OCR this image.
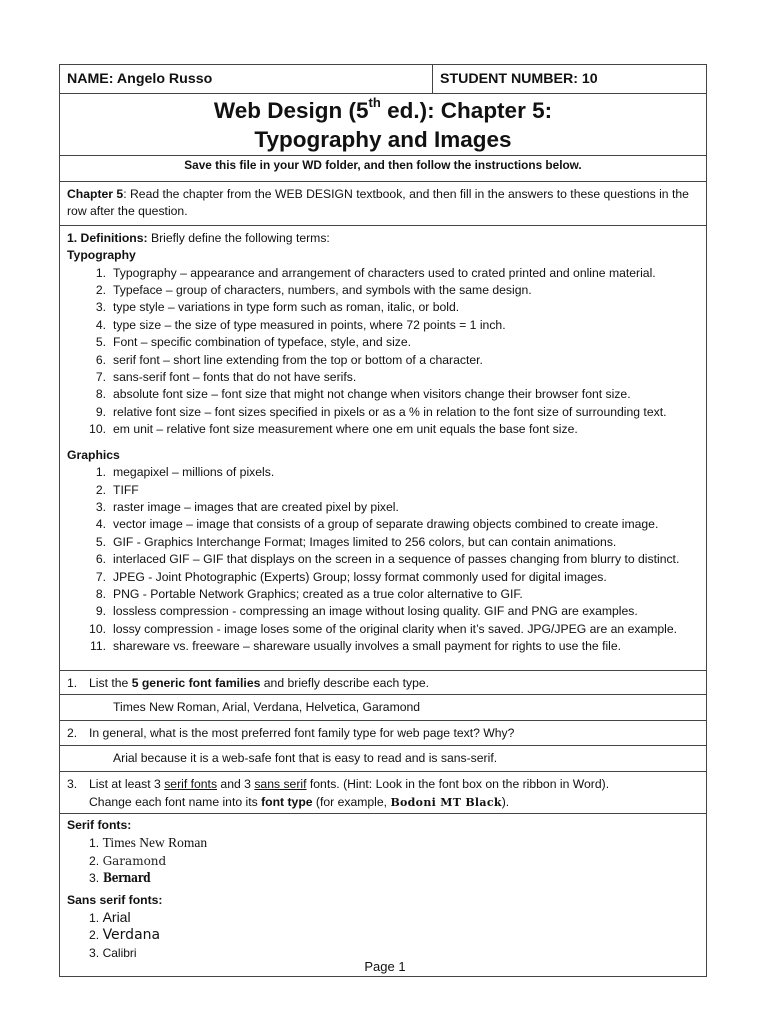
NAME: Angelo Russo	STUDENT NUMBER: 10
Web Design (5th ed.): Chapter 5:
Typography and Images
Save this file in your WD folder, and then follow the instructions below.

Chapter 5: Read the chapter from the WEB DESIGN textbook, and then fill in the answers to these questions in the row after the question.

1. Definitions: Briefly define the following terms:

Typography

1. Typography – appearance and arrangement of characters used to crated printed and online material.
2. Typeface – group of characters, numbers, and symbols with the same design.
3. type style – variations in type form such as roman, italic, or bold.
4. type size – the size of type measured in points, where 72 points = 1 inch.
5. Font – specific combination of typeface, style, and size.
6. serif font – short line extending from the top or bottom of a character.
7. sans-serif font – fonts that do not have serifs.
8. absolute font size – font size that might not change when visitors change their browser font size.
9. relative font size – font sizes specified in pixels or as a % in relation to the font size of surrounding text.
10. em unit – relative font size measurement where one em unit equals the base font size.

Graphics

1. megapixel – millions of pixels.
2. TIFF
3. raster image – images that are created pixel by pixel.
4. vector image – image that consists of a group of separate drawing objects combined to create image.
5. GIF - Graphics Interchange Format; Images limited to 256 colors, but can contain animations.
6. interlaced GIF – GIF that displays on the screen in a sequence of passes changing from blurry to distinct.
7. JPEG - Joint Photographic (Experts) Group; lossy format commonly used for digital images.
8. PNG - Portable Network Graphics; created as a true color alternative to GIF.
9. lossless compression - compressing an image without losing quality. GIF and PNG are examples.
10. lossy compression - image loses some of the original clarity when it’s saved. JPG/JPEG are an example.
11. shareware vs. freeware – shareware usually involves a small payment for rights to use the file.
1. List the 5 generic font families and briefly describe each type.
Times New Roman, Arial, Verdana, Helvetica, Garamond
2. In general, what is the most preferred font family type for web page text? Why?
Arial because it is a web-safe font that is easy to read and is sans-serif.
3. List at least 3 serif fonts and 3 sans serif fonts. (Hint: Look in the font box on the ribbon in Word).
Change each font name into its font type (for example, Bodoni MT Black).

Serif fonts:

1. Times New Roman
2. Garamond
3. Bernard

Sans serif fonts:

1. Arial
2. Verdana
3. Calibri
Page 1
